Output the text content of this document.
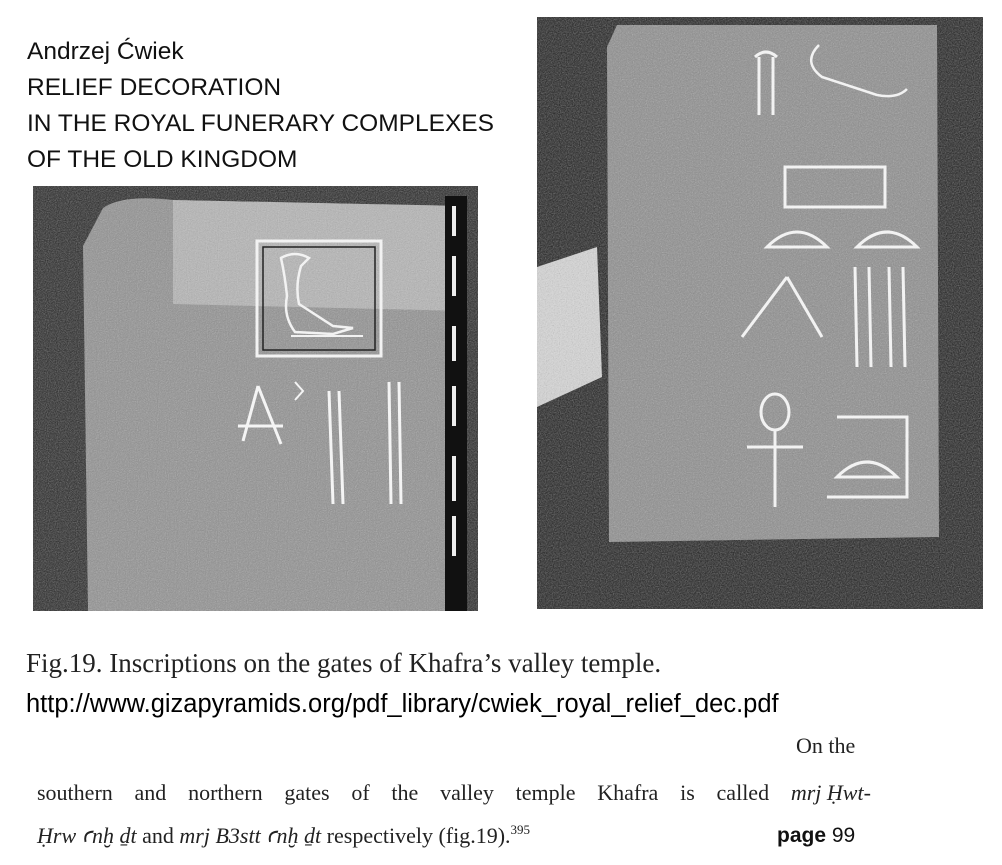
Andrzej Ćwiek
RELIEF DECORATION
IN THE ROYAL FUNERARY COMPLEXES
OF THE OLD KINGDOM
Fig.19. Inscriptions on the gates of Khafra’s valley temple.
http://www.gizapyramids.org/pdf_library/cwiek_royal_relief_dec.pdf
On the
southern and northern gates of the valley temple Khafra is called mrj Ḥwt-
Ḥrw ꜥnḫ ḏt and mrj B3stt ꜥnḫ ḏt respectively (fig.19).$^{395}$	page 99
